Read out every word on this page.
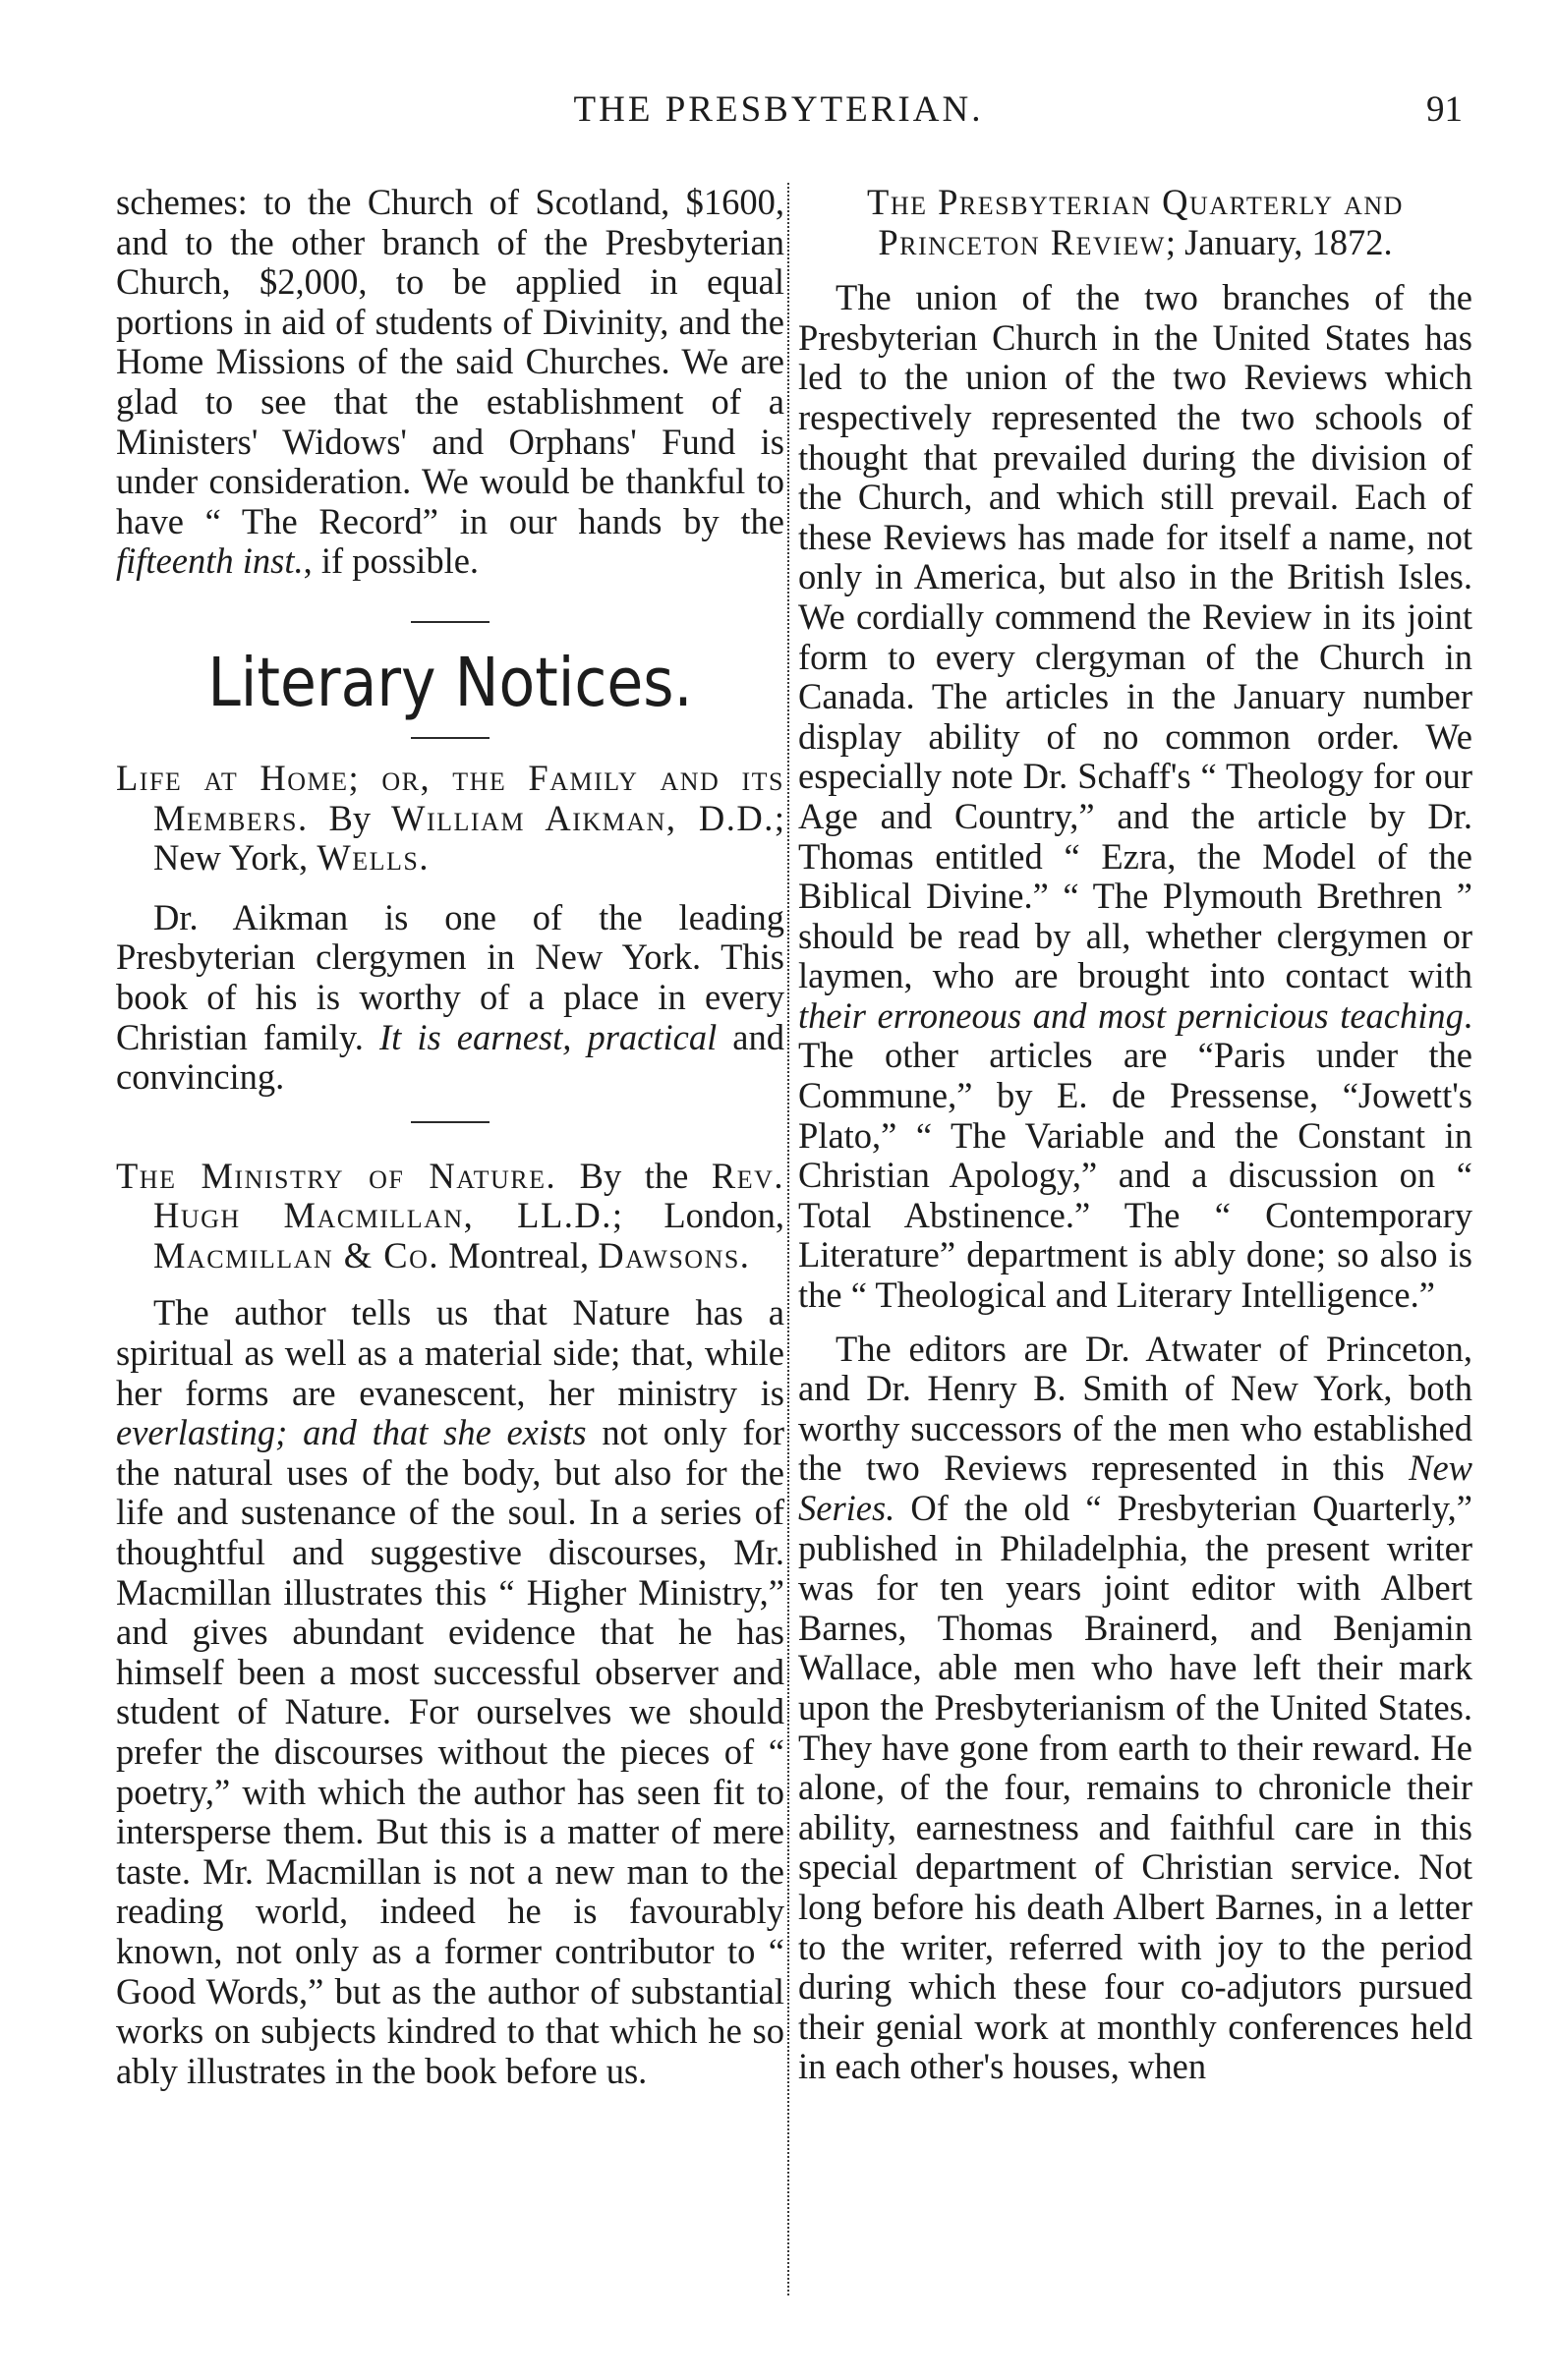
THE PRESBYTERIAN.	91

schemes: to the Church of Scotland, $1600, and to the other branch of the Presbyterian Church, $2,000, to be applied in equal portions in aid of students of Divinity, and the Home Missions of the said Churches. We are glad to see that the establishment of a Ministers' Widows' and Orphans' Fund is under consideration. We would be thankful to have “ The Record” in our hands by the fifteenth inst., if possible.

Literary Notices.

Life at Home; or, the Family and its Members. By William Aikman, D.D.; New York, Wells.

Dr. Aikman is one of the leading Presbyterian clergymen in New York. This book of his is worthy of a place in every Christian family. It is earnest, practical and convincing.

The Ministry of Nature. By the Rev. Hugh Macmillan, LL.D.; London, Macmillan & Co. Montreal, Dawsons.

The author tells us that Nature has a spiritual as well as a material side; that, while her forms are evanescent, her ministry is everlasting; and that she exists not only for the natural uses of the body, but also for the life and sustenance of the soul. In a series of thoughtful and suggestive discourses, Mr. Macmillan illustrates this “ Higher Ministry,” and gives abundant evidence that he has himself been a most successful observer and student of Nature. For ourselves we should prefer the discourses without the pieces of “ poetry,” with which the author has seen fit to intersperse them. But this is a matter of mere taste. Mr. Macmillan is not a new man to the reading world, indeed he is favourably known, not only as a former contributor to “ Good Words,” but as the author of substantial works on subjects kindred to that which he so ably illustrates in the book before us.

The Presbyterian Quarterly and Princeton Review; January, 1872.

The union of the two branches of the Presbyterian Church in the United States has led to the union of the two Reviews which respectively represented the two schools of thought that prevailed during the division of the Church, and which still prevail. Each of these Reviews has made for itself a name, not only in America, but also in the British Isles. We cordially commend the Review in its joint form to every clergyman of the Church in Canada. The articles in the January number display ability of no common order. We especially note Dr. Schaff's “ Theology for our Age and Country,” and the article by Dr. Thomas entitled “ Ezra, the Model of the Biblical Divine.” “ The Plymouth Brethren ” should be read by all, whether clergymen or laymen, who are brought into contact with their erroneous and most pernicious teaching. The other articles are “Paris under the Commune,” by E. de Pressense, “Jowett's Plato,” “ The Variable and the Constant in Christian Apology,” and a discussion on “ Total Abstinence.” The “ Contemporary Literature” department is ably done; so also is the “ Theological and Literary Intelligence.”

The editors are Dr. Atwater of Princeton, and Dr. Henry B. Smith of New York, both worthy successors of the men who established the two Reviews represented in this New Series. Of the old “ Presbyterian Quarterly,” published in Philadelphia, the present writer was for ten years joint editor with Albert Barnes, Thomas Brainerd, and Benjamin Wallace, able men who have left their mark upon the Presbyterianism of the United States. They have gone from earth to their reward. He alone, of the four, remains to chronicle their ability, earnestness and faithful care in this special department of Christian service. Not long before his death Albert Barnes, in a letter to the writer, referred with joy to the period during which these four co-adjutors pursued their genial work at monthly conferences held in each other's houses, when
